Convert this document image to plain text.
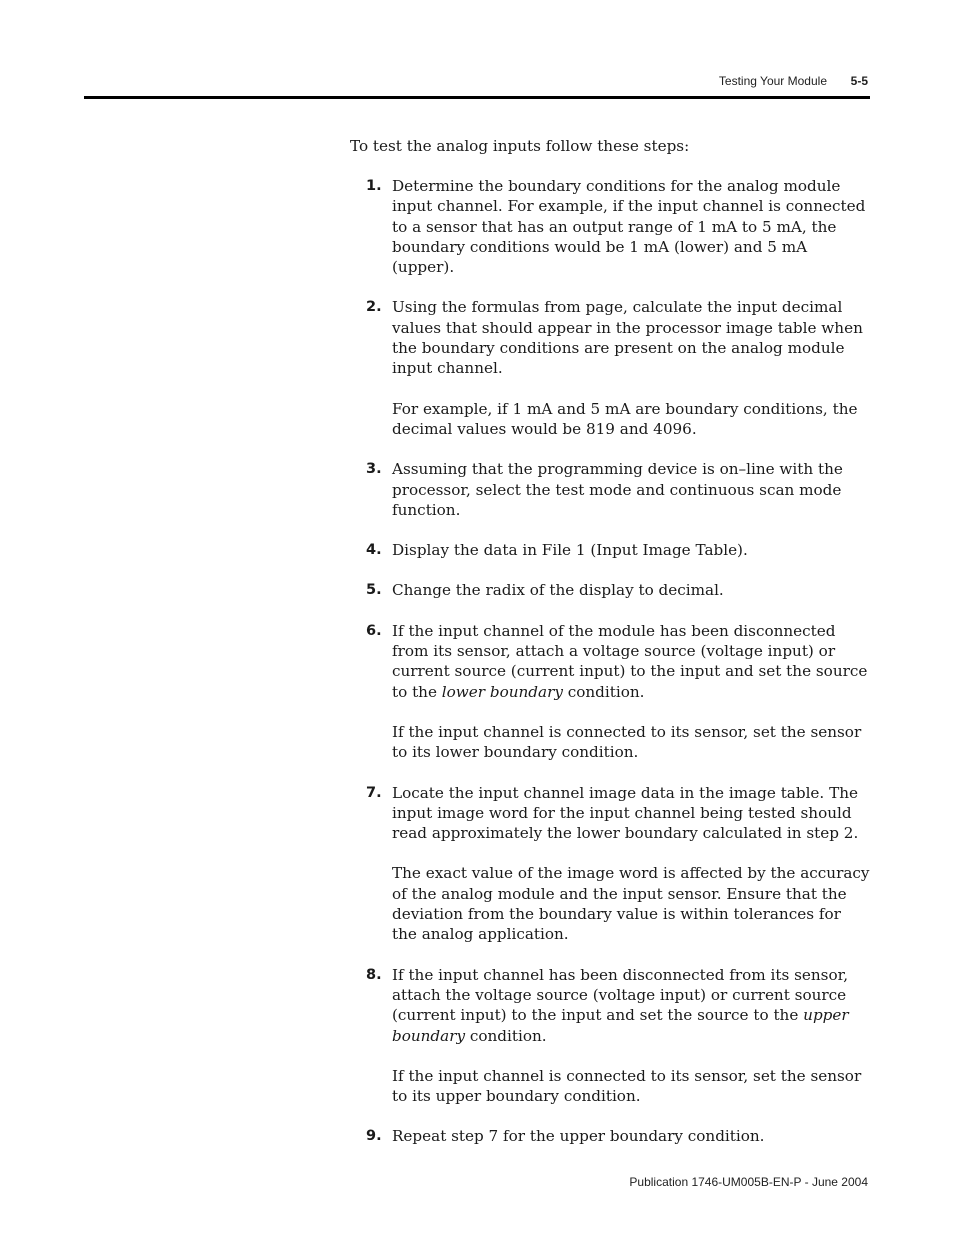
Testing Your Module 5-5

To test the analog inputs follow these steps:

1. Determine the boundary conditions for the analog module input channel. For example, if the input channel is connected to a sensor that has an output range of 1 mA to 5 mA, the boundary conditions would be 1 mA (lower) and 5 mA (upper).

2. Using the formulas from page, calculate the input decimal values that should appear in the processor image table when the boundary conditions are present on the analog module input channel.

For example, if 1 mA and 5 mA are boundary conditions, the decimal values would be 819 and 4096.

3. Assuming that the programming device is on–line with the processor, select the test mode and continuous scan mode function.

4. Display the data in File 1 (Input Image Table).

5. Change the radix of the display to decimal.

6. If the input channel of the module has been disconnected from its sensor, attach a voltage source (voltage input) or current source (current input) to the input and set the source to the lower boundary condition.

If the input channel is connected to its sensor, set the sensor to its lower boundary condition.

7. Locate the input channel image data in the image table. The input image word for the input channel being tested should read approximately the lower boundary calculated in step 2.

The exact value of the image word is affected by the accuracy of the analog module and the input sensor. Ensure that the deviation from the boundary value is within tolerances for the analog application.

8. If the input channel has been disconnected from its sensor, attach the voltage source (voltage input) or current source (current input) to the input and set the source to the upper boundary condition.

If the input channel is connected to its sensor, set the sensor to its upper boundary condition.

9. Repeat step 7 for the upper boundary condition.

Publication 1746-UM005B-EN-P - June 2004
